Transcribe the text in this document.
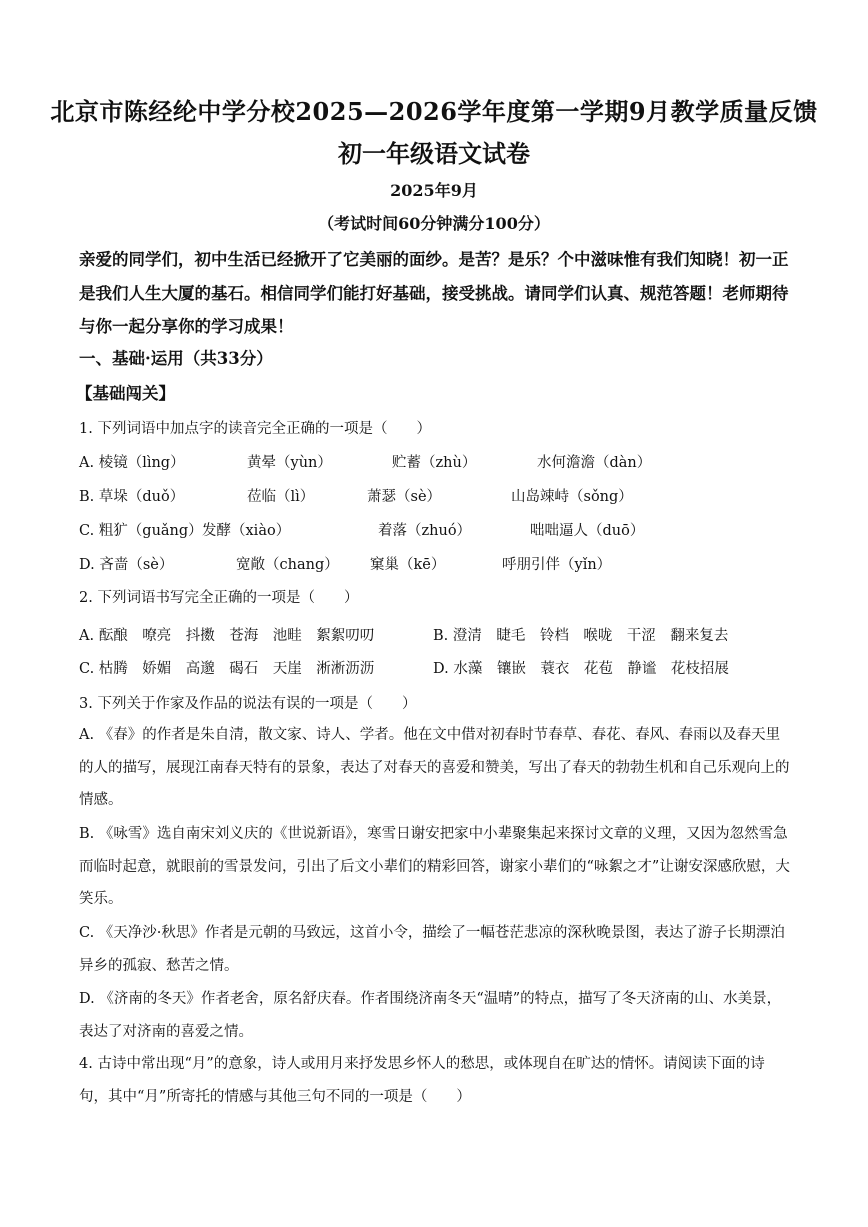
北京市陈经纶中学分校2025—2026学年度第一学期9月教学质量反馈
初一年级语文试卷
2025年9月
（考试时间60分钟满分100分）
亲爱的同学们，初中生活已经掀开了它美丽的面纱。是苦？是乐？个中滋味惟有我们知晓！初一正是我们人生大厦的基石。相信同学们能打好基础，接受挑战。请同学们认真、规范答题！老师期待与你一起分享你的学习成果！
一、基础·运用（共33分）
【基础闯关】
1. 下列词语中加点字的读音完全正确的一项是（　　）
A. 棱镜（lìng）	黄晕（yùn）	贮蓄（zhù）	水何澹澹（dàn）
B. 草垛（duǒ）	莅临（lì）	萧瑟（sè）	山岛竦峙（sǒng）
C. 粗犷（guǎng） 发酵（xiào）	着落（zhuó）	咄咄逼人（duō）
D. 吝啬（sè）	宽敞（chang） 窠巢（kē）	呼朋引伴（yǐn）
2. 下列词语书写完全正确的一项是（　　）
A. 酝酿　嘹亮　抖擞　苍海　池畦　絮絮叨叨	B. 澄清　睫毛　铃档　喉咙　干涩　翻来复去
C. 枯腾　娇媚　高邈　碣石　天崖　淅淅沥沥	D. 水藻　镶嵌　蓑衣　花苞　静谧　花枝招展
3. 下列关于作家及作品的说法有误的一项是（　　）
A. 《春》的作者是朱自清，散文家、诗人、学者。他在文中借对初春时节春草、春花、春风、春雨以及春天里的人的描写，展现江南春天特有的景象，表达了对春天的喜爱和赞美，写出了春天的勃勃生机和自己乐观向上的情感。
B. 《咏雪》选自南宋刘义庆的《世说新语》，寒雪日谢安把家中小辈聚集起来探讨文章的义理，又因为忽然雪急而临时起意，就眼前的雪景发问，引出了后文小辈们的精彩回答，谢家小辈们的“咏絮之才”让谢安深感欣慰，大笑乐。
C. 《天净沙·秋思》作者是元朝的马致远，这首小令，描绘了一幅苍茫悲凉的深秋晚景图，表达了游子长期漂泊异乡的孤寂、愁苦之情。
D. 《济南的冬天》作者老舍，原名舒庆春。作者围绕济南冬天“温晴”的特点，描写了冬天济南的山、水美景，表达了对济南的喜爱之情。
4. 古诗中常出现“月”的意象，诗人或用月来抒发思乡怀人的愁思，或体现自在旷达的情怀。请阅读下面的诗句，其中“月”所寄托的情感与其他三句不同的一项是（　　）
